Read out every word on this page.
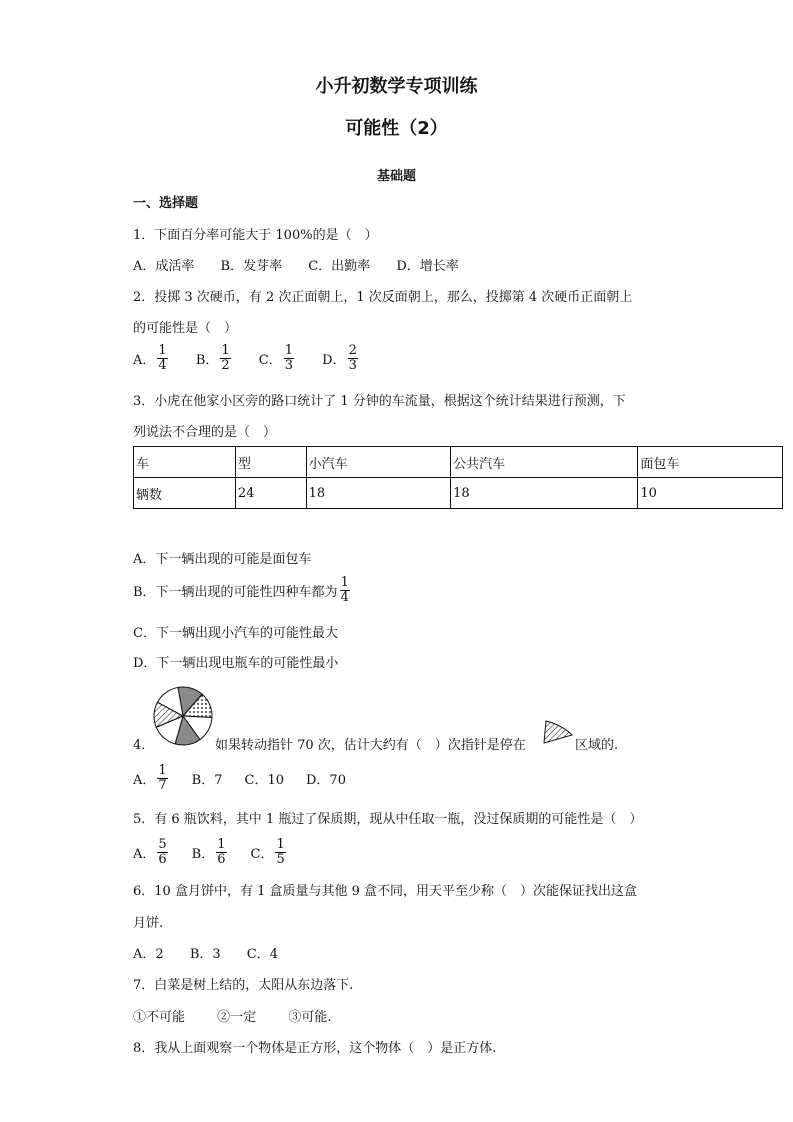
小升初数学专项训练
可能性（2）
基础题
一、选择题
1．下面百分率可能大于 100%的是（　）
A．成活率 B．发芽率 C．出勤率 D．增长率
2．投掷 3 次硬币，有 2 次正面朝上，1 次反面朝上，那么，投掷第 4 次硬币正面朝上
的可能性是（　）
A． $\frac{1}{4}$
B． $\frac{1}{2}$
C． $\frac{1}{3}$
D． $\frac{2}{3}$
3．小虎在他家小区旁的路口统计了 1 分钟的车流量，根据这个统计结果进行预测，下
列说法不合理的是（　）
车	型	小汽车	公共汽车	面包车
辆数	24	18	18	10
A．下一辆出现的可能是面包车
B．下一辆出现的可能性四种车都为 $\frac{1}{4}$
C．下一辆出现小汽车的可能性最大
D．下一辆出现电瓶车的可能性最小
4．	如果转动指针 70 次，估计大约有（　）次指针是停在	区域的.
A． $\frac{1}{7}$ B．7 C．10 D．70
5．有 6 瓶饮料，其中 1 瓶过了保质期，现从中任取一瓶，没过保质期的可能性是（　）
A． $\frac{5}{6}$ B． $\frac{1}{6}$ C． $\frac{1}{5}$
6．10 盒月饼中，有 1 盒质量与其他 9 盒不同，用天平至少称（　）次能保证找出这盒
月饼.
A．2 B．3 C．4
7．白菜是树上结的，太阳从东边落下.
①不可能 ②一定 ③可能.
8．我从上面观察一个物体是正方形，这个物体（　）是正方体.
